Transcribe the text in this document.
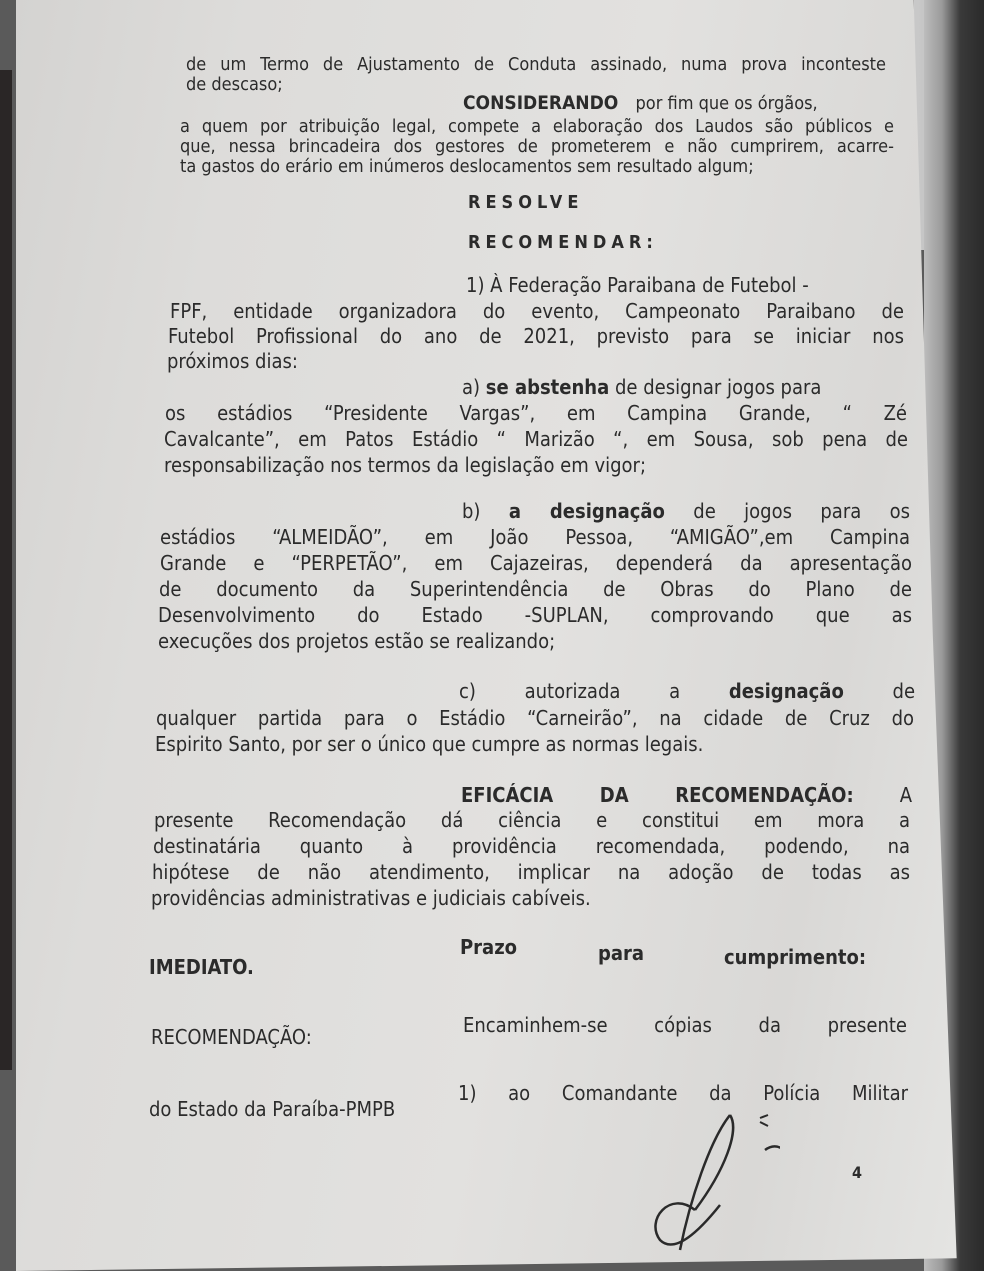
de um Termo de Ajustamento de Conduta assinado, numa prova inconteste
de descaso;
CONSIDERANDO por fim que os órgãos,
a quem por atribuição legal, compete a elaboração dos Laudos são públicos e
que, nessa brincadeira dos gestores de prometerem e não cumprirem, acarre-
ta gastos do erário em inúmeros deslocamentos sem resultado algum;
RESOLVE
RECOMENDAR:
1) À Federação Paraibana de Futebol -
FPF, entidade organizadora do evento, Campeonato Paraibano de
Futebol Profissional do ano de 2021, previsto para se iniciar nos
próximos dias:
a) se abstenha de designar jogos para
os estádios “Presidente Vargas”, em Campina Grande, “ Zé
Cavalcante”, em Patos Estádio “ Marizão “, em Sousa, sob pena de
responsabilização nos termos da legislação em vigor;
b) a designação de jogos para os
estádios “ALMEIDÃO”, em João Pessoa, “AMIGÃO”,em Campina
Grande e “PERPETÃO”, em Cajazeiras, dependerá da apresentação
de documento da Superintendência de Obras do Plano de
Desenvolvimento do Estado -SUPLAN, comprovando que as
execuções dos projetos estão se realizando;
c) autorizada a designação de
qualquer partida para o Estádio “Carneirão”, na cidade de Cruz do
Espirito Santo, por ser o único que cumpre as normas legais.
EFICÁCIA DA RECOMENDAÇÃO: A
presente Recomendação dá ciência e constitui em mora a
destinatária quanto à providência recomendada, podendo, na
hipótese de não atendimento, implicar na adoção de todas as
providências administrativas e judiciais cabíveis.
Prazo	para	cumprimento:
IMEDIATO.
Encaminhem-se cópias da presente
RECOMENDAÇÃO:
1) ao Comandante da Polícia Militar
do Estado da Paraíba-PMPB
4
